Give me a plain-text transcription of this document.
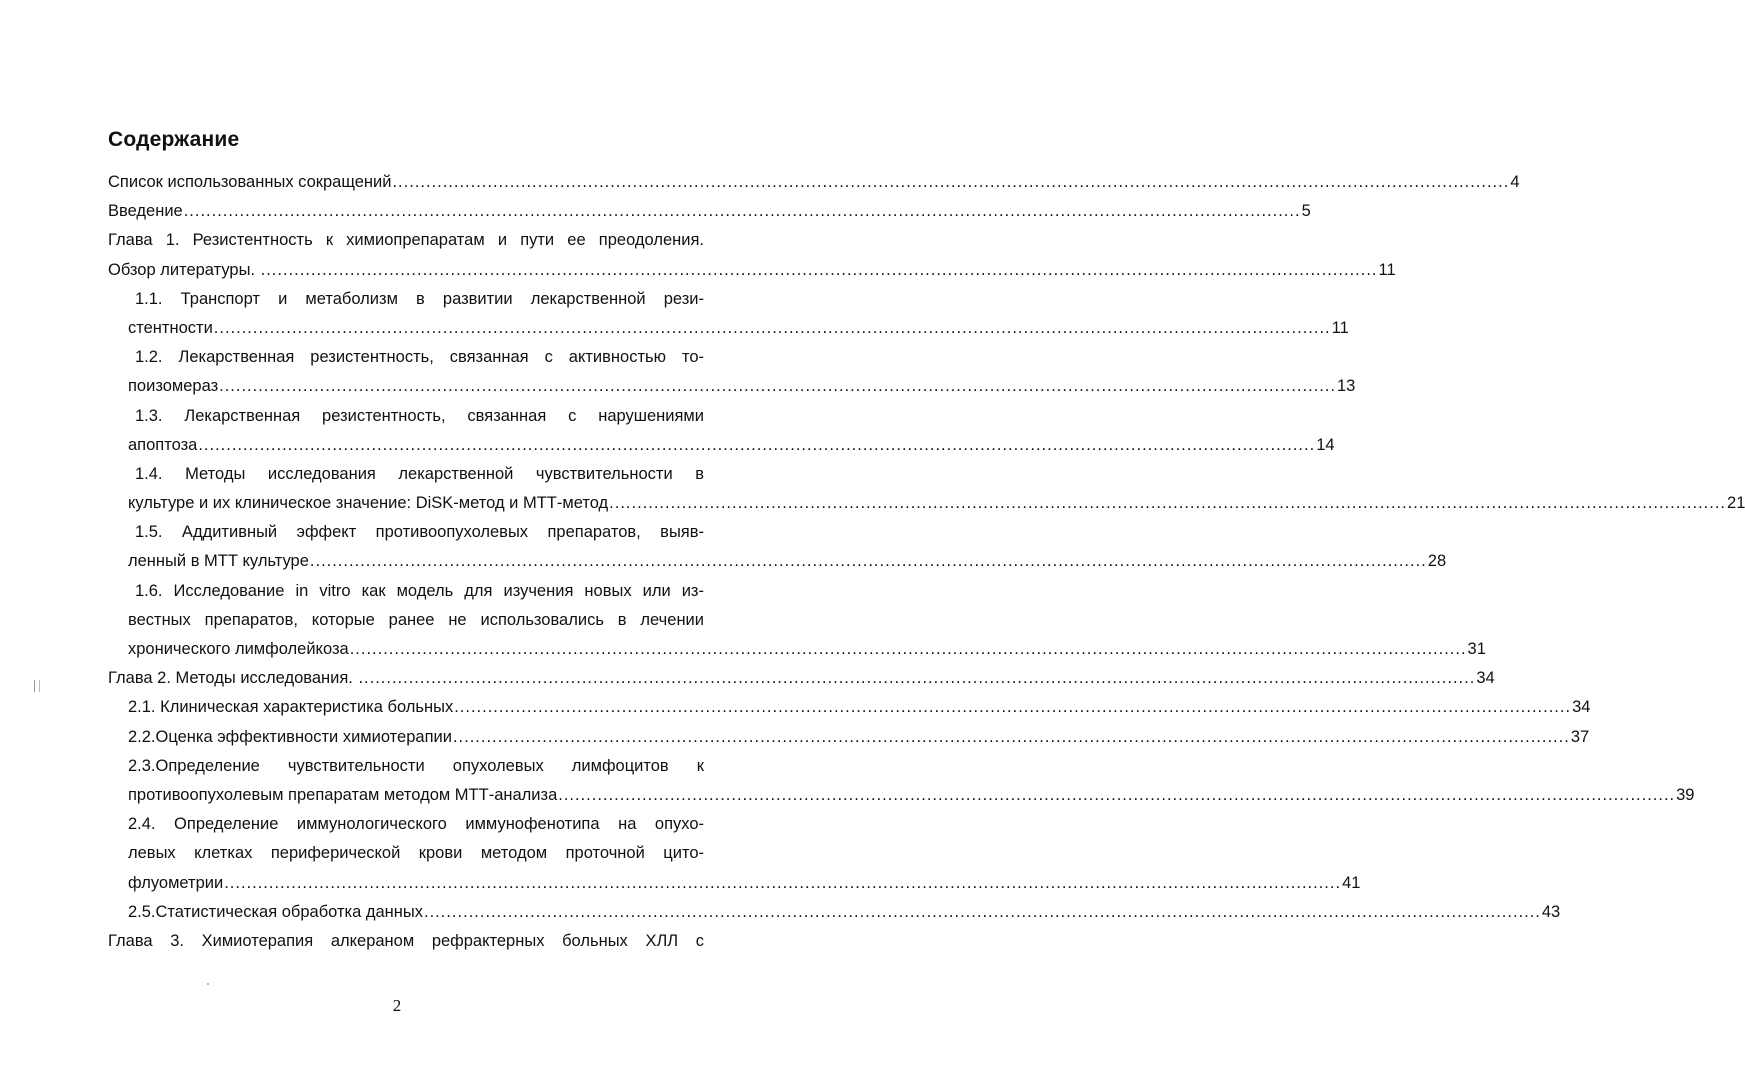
Содержание
Список использованных сокращений ........................................................................................................................................................................................................ 4
Введение ........................................................................................................................................................................................................ 5
Глава 1. Резистентность к химиопрепаратам и пути ее преодоления.
Обзор литературы. ........................................................................................................................................................................................................ 11
1.1. Транспорт и метаболизм в развитии лекарственной рези-
стентности ........................................................................................................................................................................................................ 11
1.2. Лекарственная резистентность, связанная с активностью то-
поизомераз ........................................................................................................................................................................................................ 13
1.3. Лекарственная резистентность, связанная с нарушениями
апоптоза ........................................................................................................................................................................................................ 14
1.4. Методы исследования лекарственной чувствительности в
культуре и их клиническое значение: DiSK-метод и МТТ-метод ........................................................................................................................................................................................................ 21
1.5. Аддитивный эффект противоопухолевых препаратов, выяв-
ленный в МТТ культуре ........................................................................................................................................................................................................ 28
1.6. Исследование in vitro как модель для изучения новых или из-
вестных препаратов, которые ранее не использовались в лечении
хронического лимфолейкоза ........................................................................................................................................................................................................ 31
Глава 2. Методы исследования. ........................................................................................................................................................................................................ 34
2.1. Клиническая характеристика больных ........................................................................................................................................................................................................ 34
2.2.Оценка эффективности химиотерапии ........................................................................................................................................................................................................ 37
2.3.Определение чувствительности опухолевых лимфоцитов к
противоопухолевым препаратам методом МТТ-анализа ........................................................................................................................................................................................................ 39
2.4. Определение иммунологического иммунофенотипа на опухо-
левых клетках периферической крови методом проточной цито-
флуометрии ........................................................................................................................................................................................................ 41
2.5.Статистическая обработка данных ........................................................................................................................................................................................................ 43
Глава 3. Химиотерапия алкераном рефрактерных больных ХЛЛ с
2
